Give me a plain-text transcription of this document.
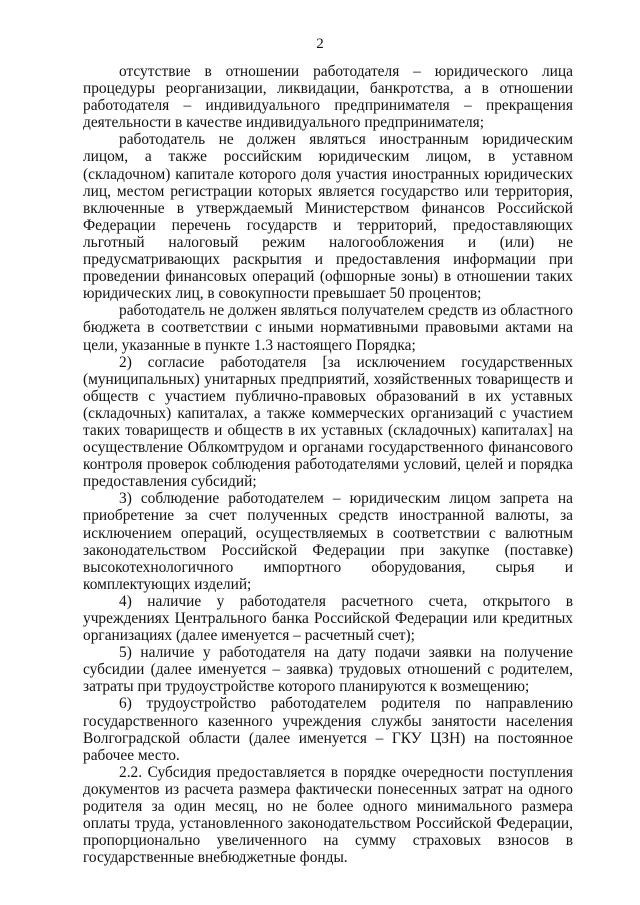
2

отсутствие в отношении работодателя – юридического лица процедуры реорганизации, ликвидации, банкротства, а в отношении работодателя – индивидуального предпринимателя – прекращения деятельности в качестве индивидуального предпринимателя;

работодатель не должен являться иностранным юридическим лицом, а также российским юридическим лицом, в уставном (складочном) капитале которого доля участия иностранных юридических лиц, местом регистрации которых является государство или территория, включенные в утверждаемый Министерством финансов Российской Федерации перечень государств и территорий, предоставляющих льготный налоговый режим налогообложения и (или) не предусматривающих раскрытия и предоставления информации при проведении финансовых операций (офшорные зоны) в отношении таких юридических лиц, в совокупности превышает 50 процентов;

работодатель не должен являться получателем средств из областного бюджета в соответствии с иными нормативными правовыми актами на цели, указанные в пункте 1.3 настоящего Порядка;

2) согласие работодателя [за исключением государственных (муниципальных) унитарных предприятий, хозяйственных товариществ и обществ с участием публично-правовых образований в их уставных (складочных) капиталах, а также коммерческих организаций с участием таких товариществ и обществ в их уставных (складочных) капиталах] на осуществление Облкомтрудом и органами государственного финансового контроля проверок соблюдения работодателями условий, целей и порядка предоставления субсидий;

3) соблюдение работодателем – юридическим лицом запрета на приобретение за счет полученных средств иностранной валюты, за исключением операций, осуществляемых в соответствии с валютным законодательством Российской Федерации при закупке (поставке) высокотехнологичного импортного оборудования, сырья и комплектующих изделий;

4) наличие у работодателя расчетного счета, открытого в учреждениях Центрального банка Российской Федерации или кредитных организациях (далее именуется – расчетный счет);

5) наличие у работодателя на дату подачи заявки на получение субсидии (далее именуется – заявка) трудовых отношений с родителем, затраты при трудоустройстве которого планируются к возмещению;

6) трудоустройство работодателем родителя по направлению государственного казенного учреждения службы занятости населения Волгоградской области (далее именуется – ГКУ ЦЗН) на постоянное рабочее место.

2.2. Субсидия предоставляется в порядке очередности поступления документов из расчета размера фактически понесенных затрат на одного родителя за один месяц, но не более одного минимального размера оплаты труда, установленного законодательством Российской Федерации, пропорционально увеличенного на сумму страховых взносов в государственные внебюджетные фонды.
